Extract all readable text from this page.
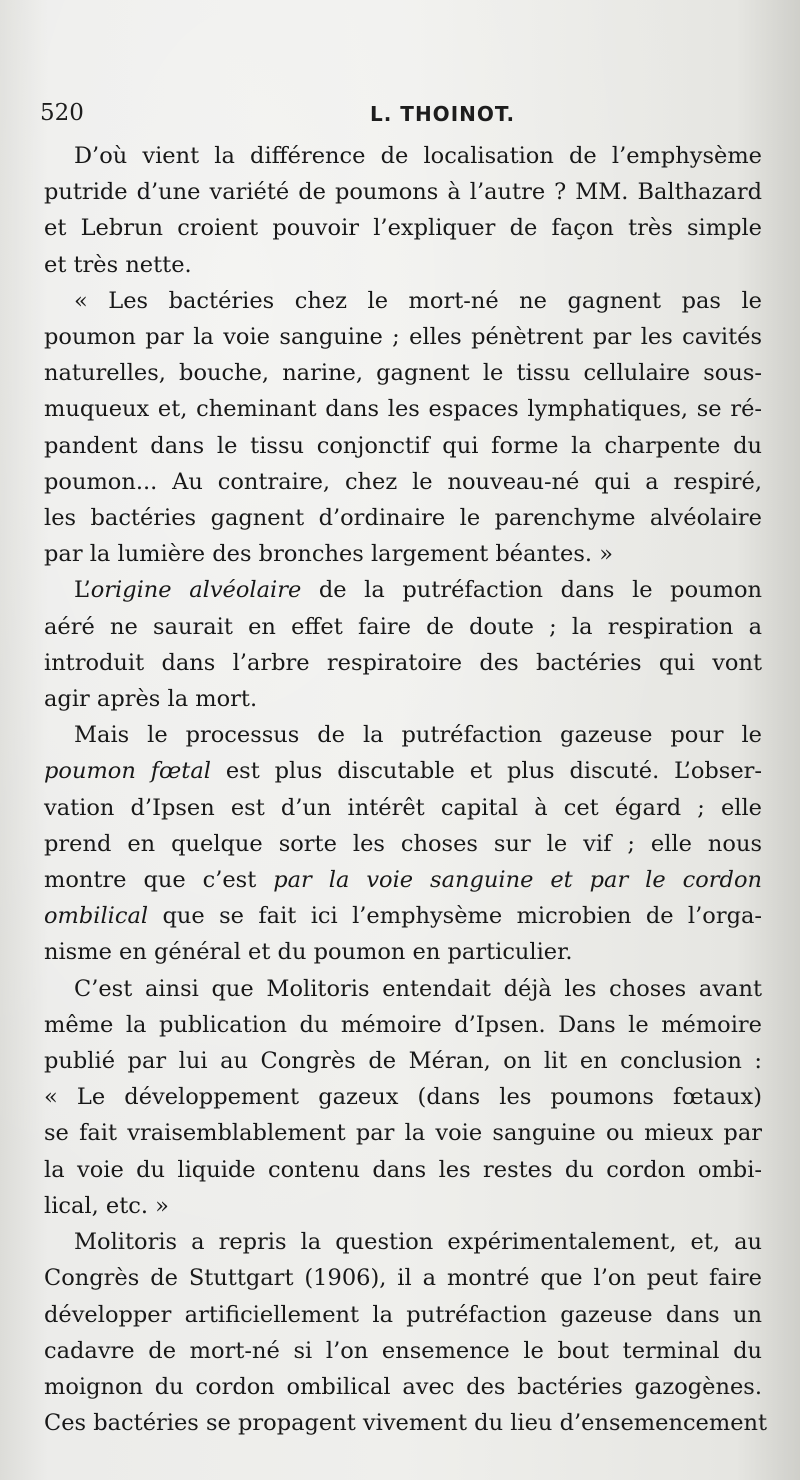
520	L. THOINOT.

D’où vient la différence de localisation de l’emphysème
putride d’une variété de poumons à l’autre ? MM. Balthazard
et Lebrun croient pouvoir l’expliquer de façon très simple
et très nette.

« Les bactéries chez le mort-né ne gagnent pas le
poumon par la voie sanguine ; elles pénètrent par les cavités
naturelles, bouche, narine, gagnent le tissu cellulaire sous-
muqueux et, cheminant dans les espaces lymphatiques, se ré-
pandent dans le tissu conjonctif qui forme la charpente du
poumon... Au contraire, chez le nouveau-né qui a respiré,
les bactéries gagnent d’ordinaire le parenchyme alvéolaire
par la lumière des bronches largement béantes. »

L’origine alvéolaire de la putréfaction dans le poumon
aéré ne saurait en effet faire de doute ; la respiration a
introduit dans l’arbre respiratoire des bactéries qui vont
agir après la mort.

Mais le processus de la putréfaction gazeuse pour le
poumon fœtal est plus discutable et plus discuté. L’obser-
vation d’Ipsen est d’un intérêt capital à cet égard ; elle
prend en quelque sorte les choses sur le vif ; elle nous
montre que c’est par la voie sanguine et par le cordon
ombilical que se fait ici l’emphysème microbien de l’orga-
nisme en général et du poumon en particulier.

C’est ainsi que Molitoris entendait déjà les choses avant
même la publication du mémoire d’Ipsen. Dans le mémoire
publié par lui au Congrès de Méran, on lit en conclusion :
« Le développement gazeux (dans les poumons fœtaux)
se fait vraisemblablement par la voie sanguine ou mieux par
la voie du liquide contenu dans les restes du cordon ombi-
lical, etc. »

Molitoris a repris la question expérimentalement, et, au
Congrès de Stuttgart (1906), il a montré que l’on peut faire
développer artificiellement la putréfaction gazeuse dans un
cadavre de mort-né si l’on ensemence le bout terminal du
moignon du cordon ombilical avec des bactéries gazogènes.
Ces bactéries se propagent vivement du lieu d’ensemencement
